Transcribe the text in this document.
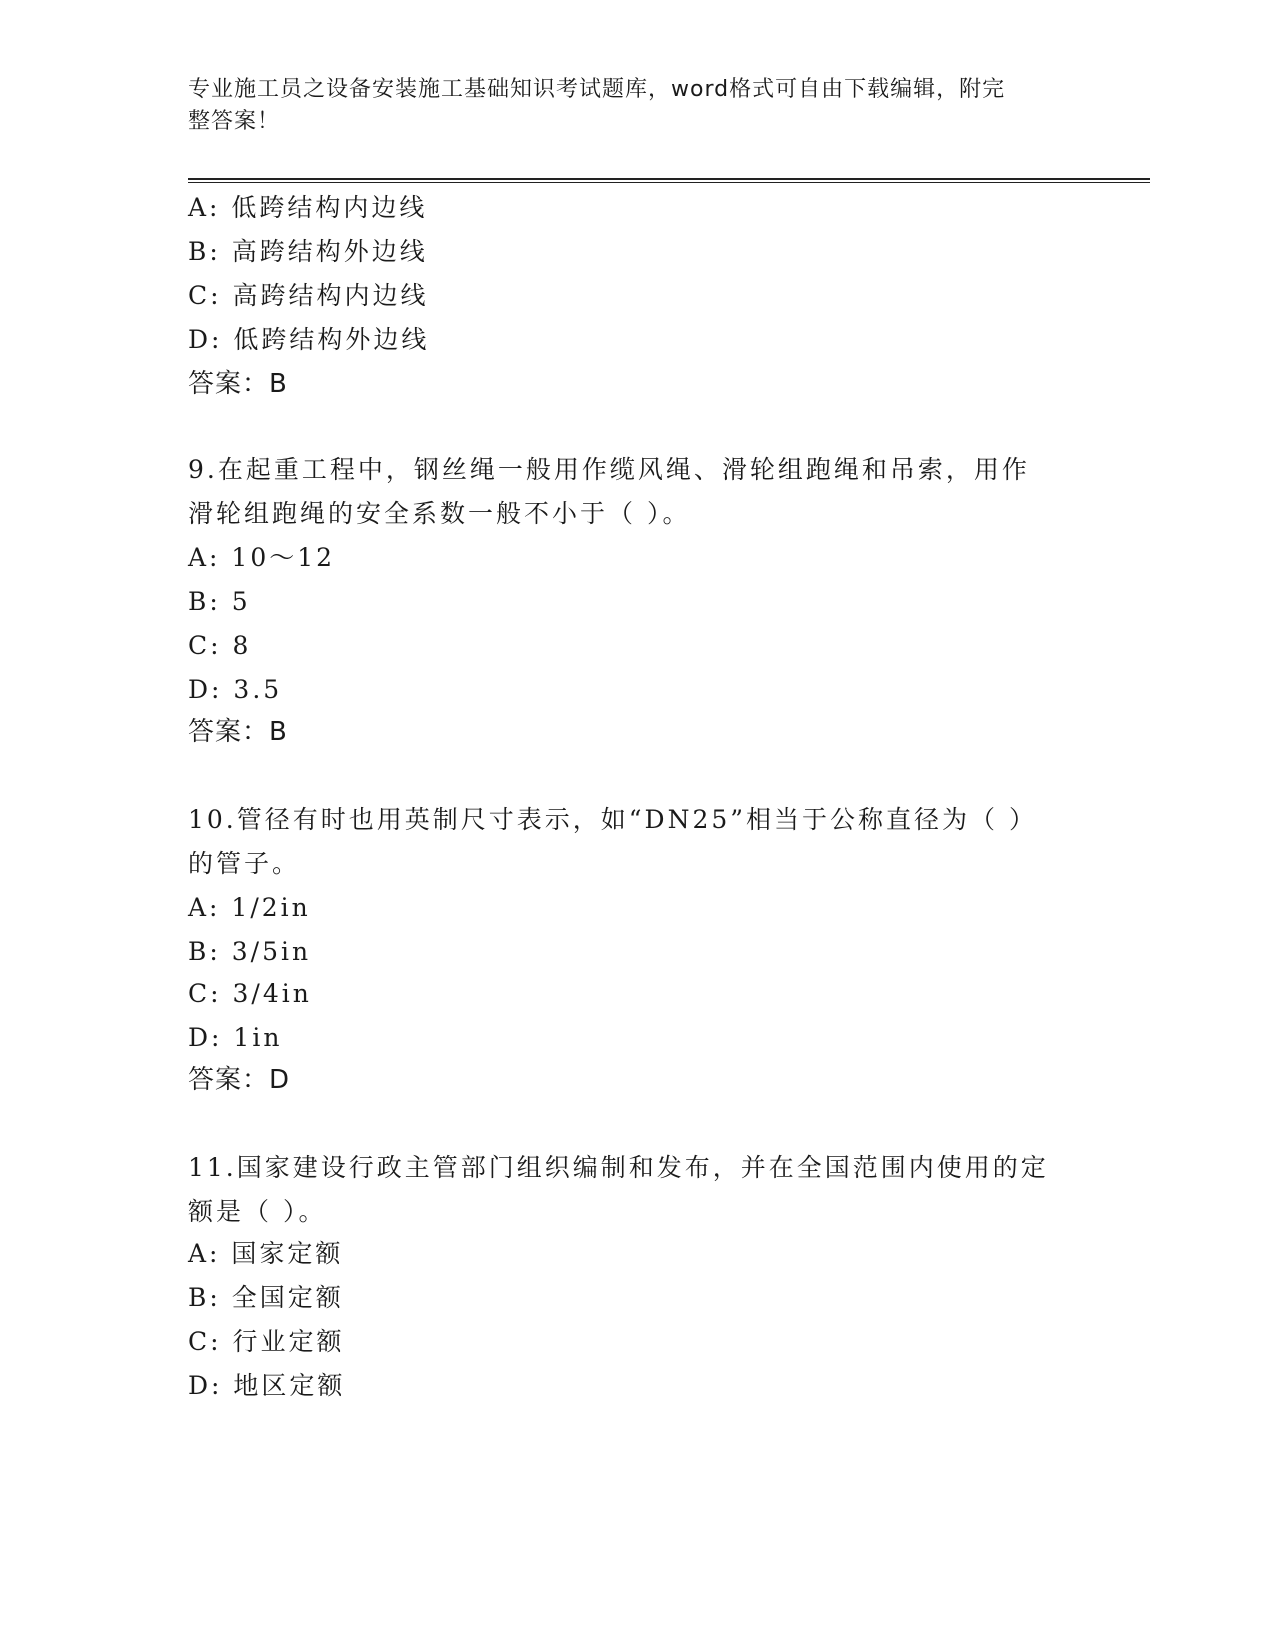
专业施工员之设备安装施工基础知识考试题库，word格式可自由下载编辑，附完
整答案！
A: 低跨结构内边线
B: 高跨结构外边线
C: 高跨结构内边线
D: 低跨结构外边线
答案：B
9.在起重工程中，钢丝绳一般用作缆风绳、滑轮组跑绳和吊索，用作
滑轮组跑绳的安全系数一般不小于（ ）。
A: 10～12
B: 5
C: 8
D: 3.5
答案：B
10.管径有时也用英制尺寸表示，如“DN25”相当于公称直径为（ ）
的管子。
A: 1/2in
B: 3/5in
C: 3/4in
D: 1in
答案：D
11.国家建设行政主管部门组织编制和发布，并在全国范围内使用的定
额是（ ）。
A: 国家定额
B: 全国定额
C: 行业定额
D: 地区定额
